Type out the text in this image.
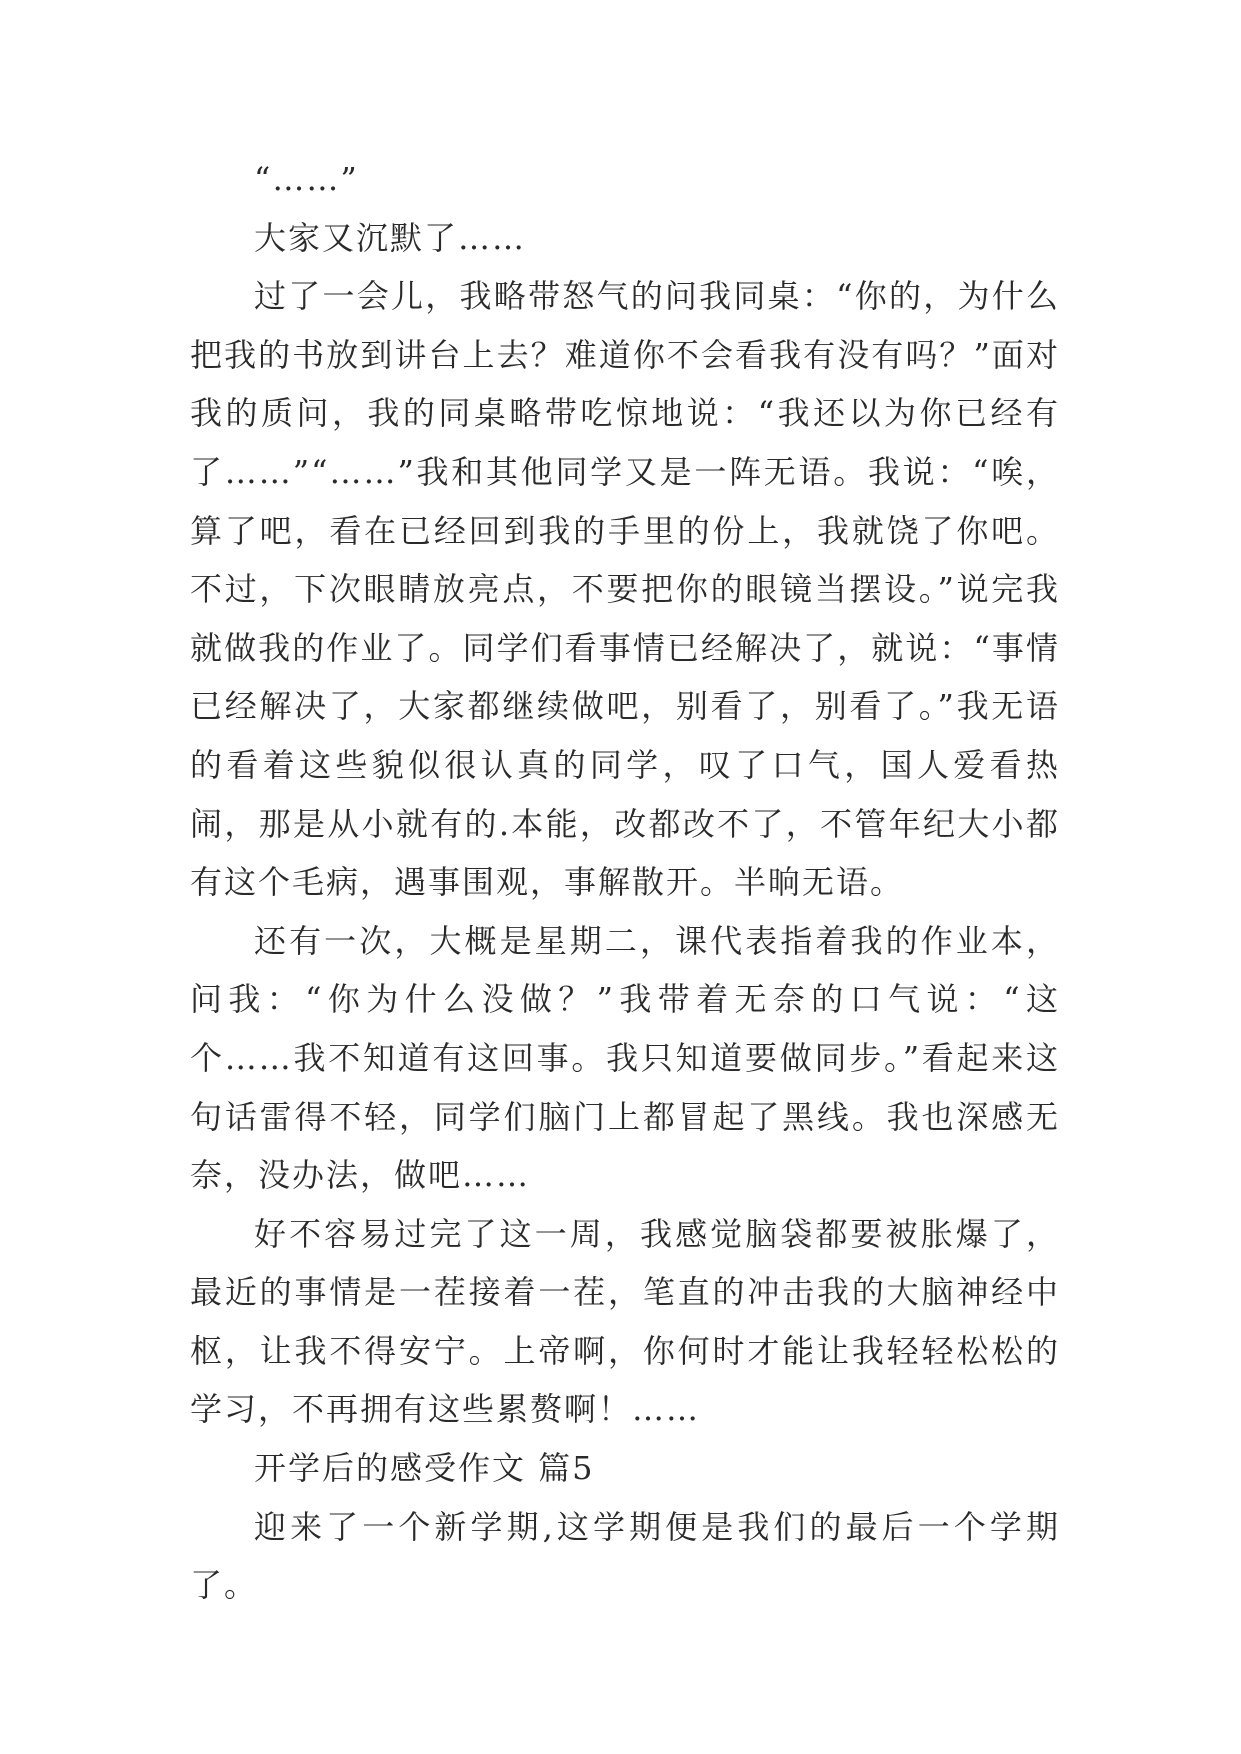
“……”

大家又沉默了……

过了一会儿，我略带怒气的问我同桌：“你的，为什么把我的书放到讲台上去？难道你不会看我有没有吗？”面对我的质问，我的同桌略带吃惊地说：“我还以为你已经有了……”“……”我和其他同学又是一阵无语。我说：“唉，算了吧，看在已经回到我的手里的份上，我就饶了你吧。不过，下次眼睛放亮点，不要把你的眼镜当摆设。”说完我就做我的作业了。同学们看事情已经解决了，就说：“事情已经解决了，大家都继续做吧，别看了，别看了。”我无语的看着这些貌似很认真的同学，叹了口气，国人爱看热闹，那是从小就有的.本能，改都改不了，不管年纪大小都有这个毛病，遇事围观，事解散开。半晌无语。

还有一次，大概是星期二，课代表指着我的作业本，问我：“你为什么没做？”我带着无奈的口气说：“这个……我不知道有这回事。我只知道要做同步。”看起来这句话雷得不轻，同学们脑门上都冒起了黑线。我也深感无奈，没办法，做吧……

好不容易过完了这一周，我感觉脑袋都要被胀爆了，最近的事情是一茬接着一茬，笔直的冲击我的大脑神经中枢，让我不得安宁。上帝啊，你何时才能让我轻轻松松的学习，不再拥有这些累赘啊！……

开学后的感受作文 篇5

迎来了一个新学期,这学期便是我们的最后一个学期了。
